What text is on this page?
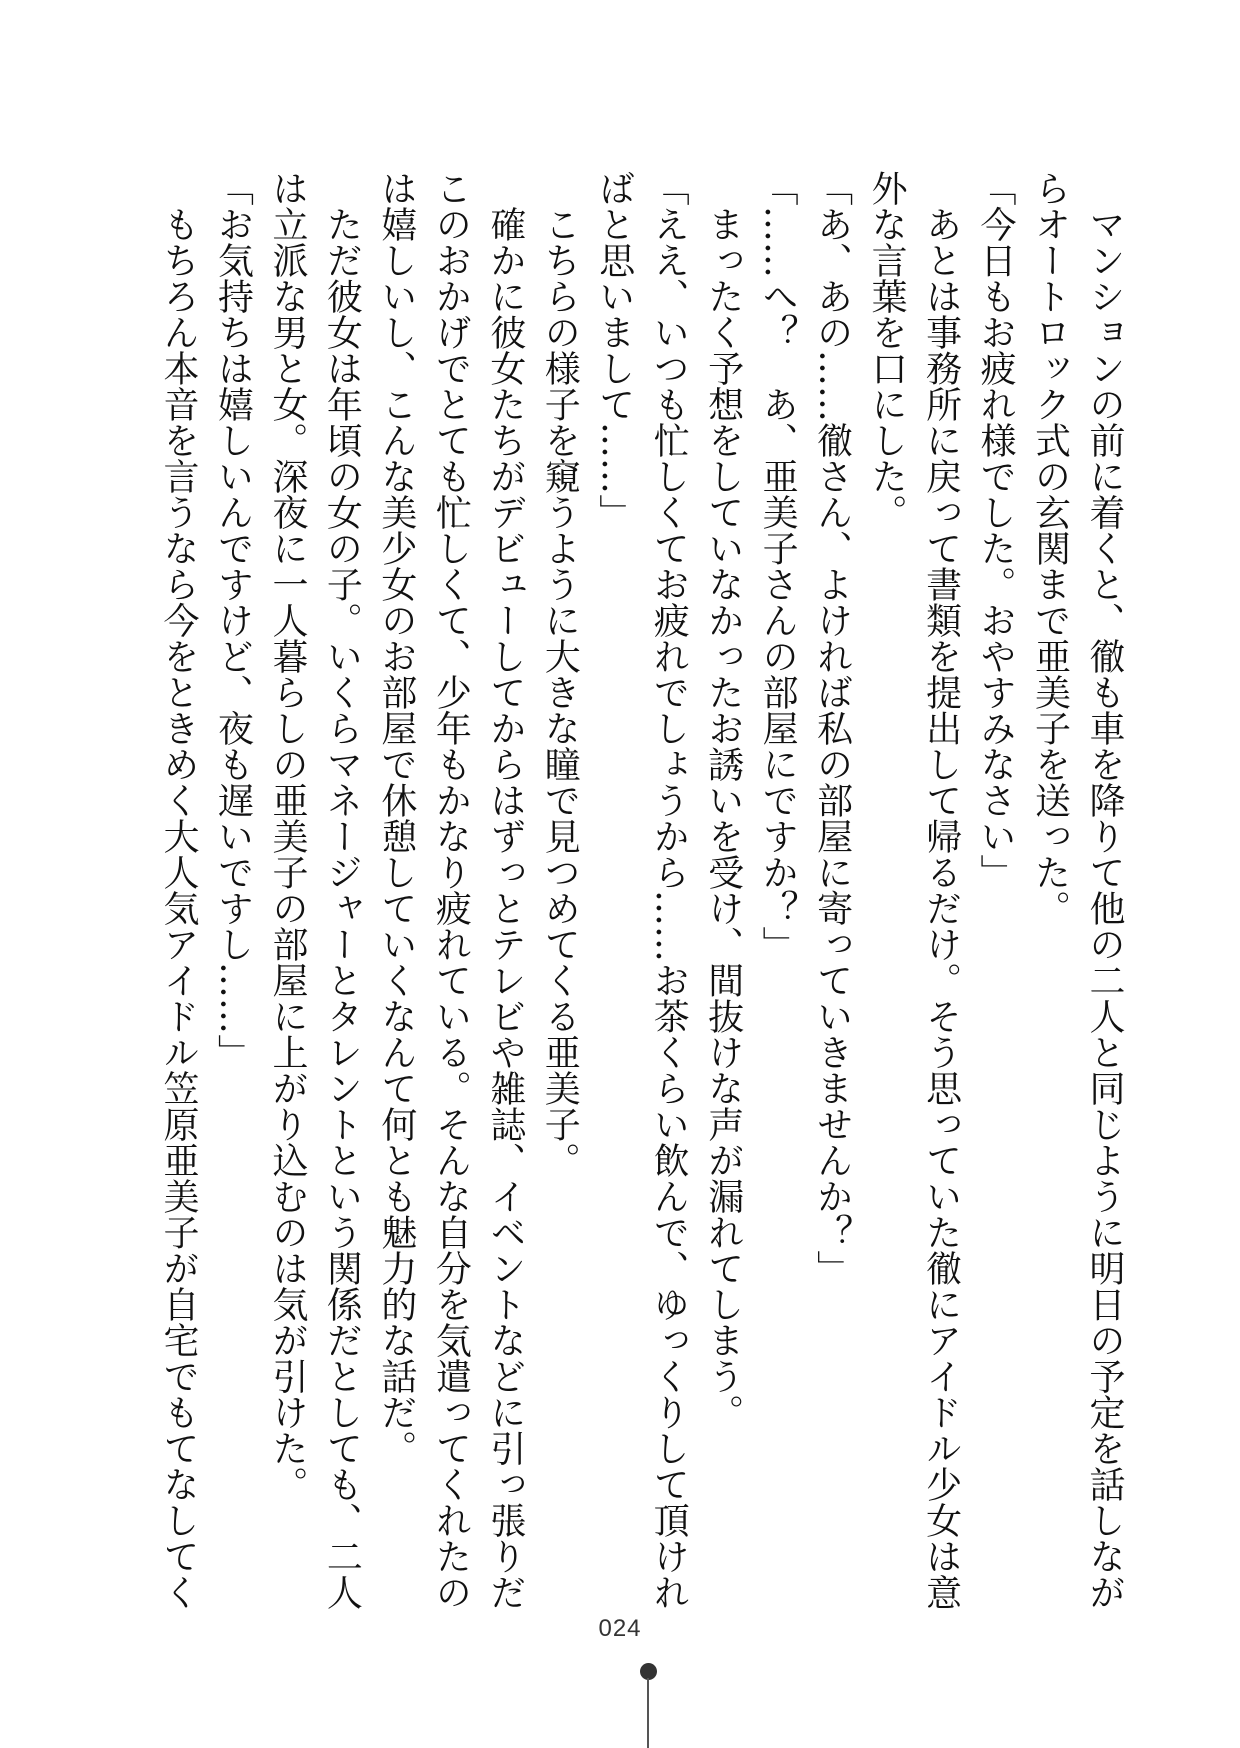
　マンションの前に着くと、徹も車を降りて他の二人と同じように明日の予定を話しなが
らオートロック式の玄関まで亜美子を送った。
「今日もお疲れ様でした。おやすみなさい」
　あとは事務所に戻って書類を提出して帰るだけ。そう思っていた徹にアイドル少女は意
外な言葉を口にした。
「あ、あの……徹さん、よければ私の部屋に寄っていきませんか？」
「……へ？　あ、亜美子さんの部屋にですか？」
　まったく予想をしていなかったお誘いを受け、間抜けな声が漏れてしまう。
「ええ、いつも忙しくてお疲れでしょうから……お茶くらい飲んで、ゆっくりして頂けれ
ばと思いまして……」
　こちらの様子を窺うように大きな瞳で見つめてくる亜美子。
　確かに彼女たちがデビューしてからはずっとテレビや雑誌、イベントなどに引っ張りだ
このおかげでとても忙しくて、少年もかなり疲れている。そんな自分を気遣ってくれたの
は嬉しいし、こんな美少女のお部屋で休憩していくなんて何とも魅力的な話だ。
　ただ彼女は年頃の女の子。いくらマネージャーとタレントという関係だとしても、二人
は立派な男と女。深夜に一人暮らしの亜美子の部屋に上がり込むのは気が引けた。
「お気持ちは嬉しいんですけど、夜も遅いですし……」
　もちろん本音を言うなら今をときめく大人気アイドル笠原亜美子が自宅でもてなしてく
024
